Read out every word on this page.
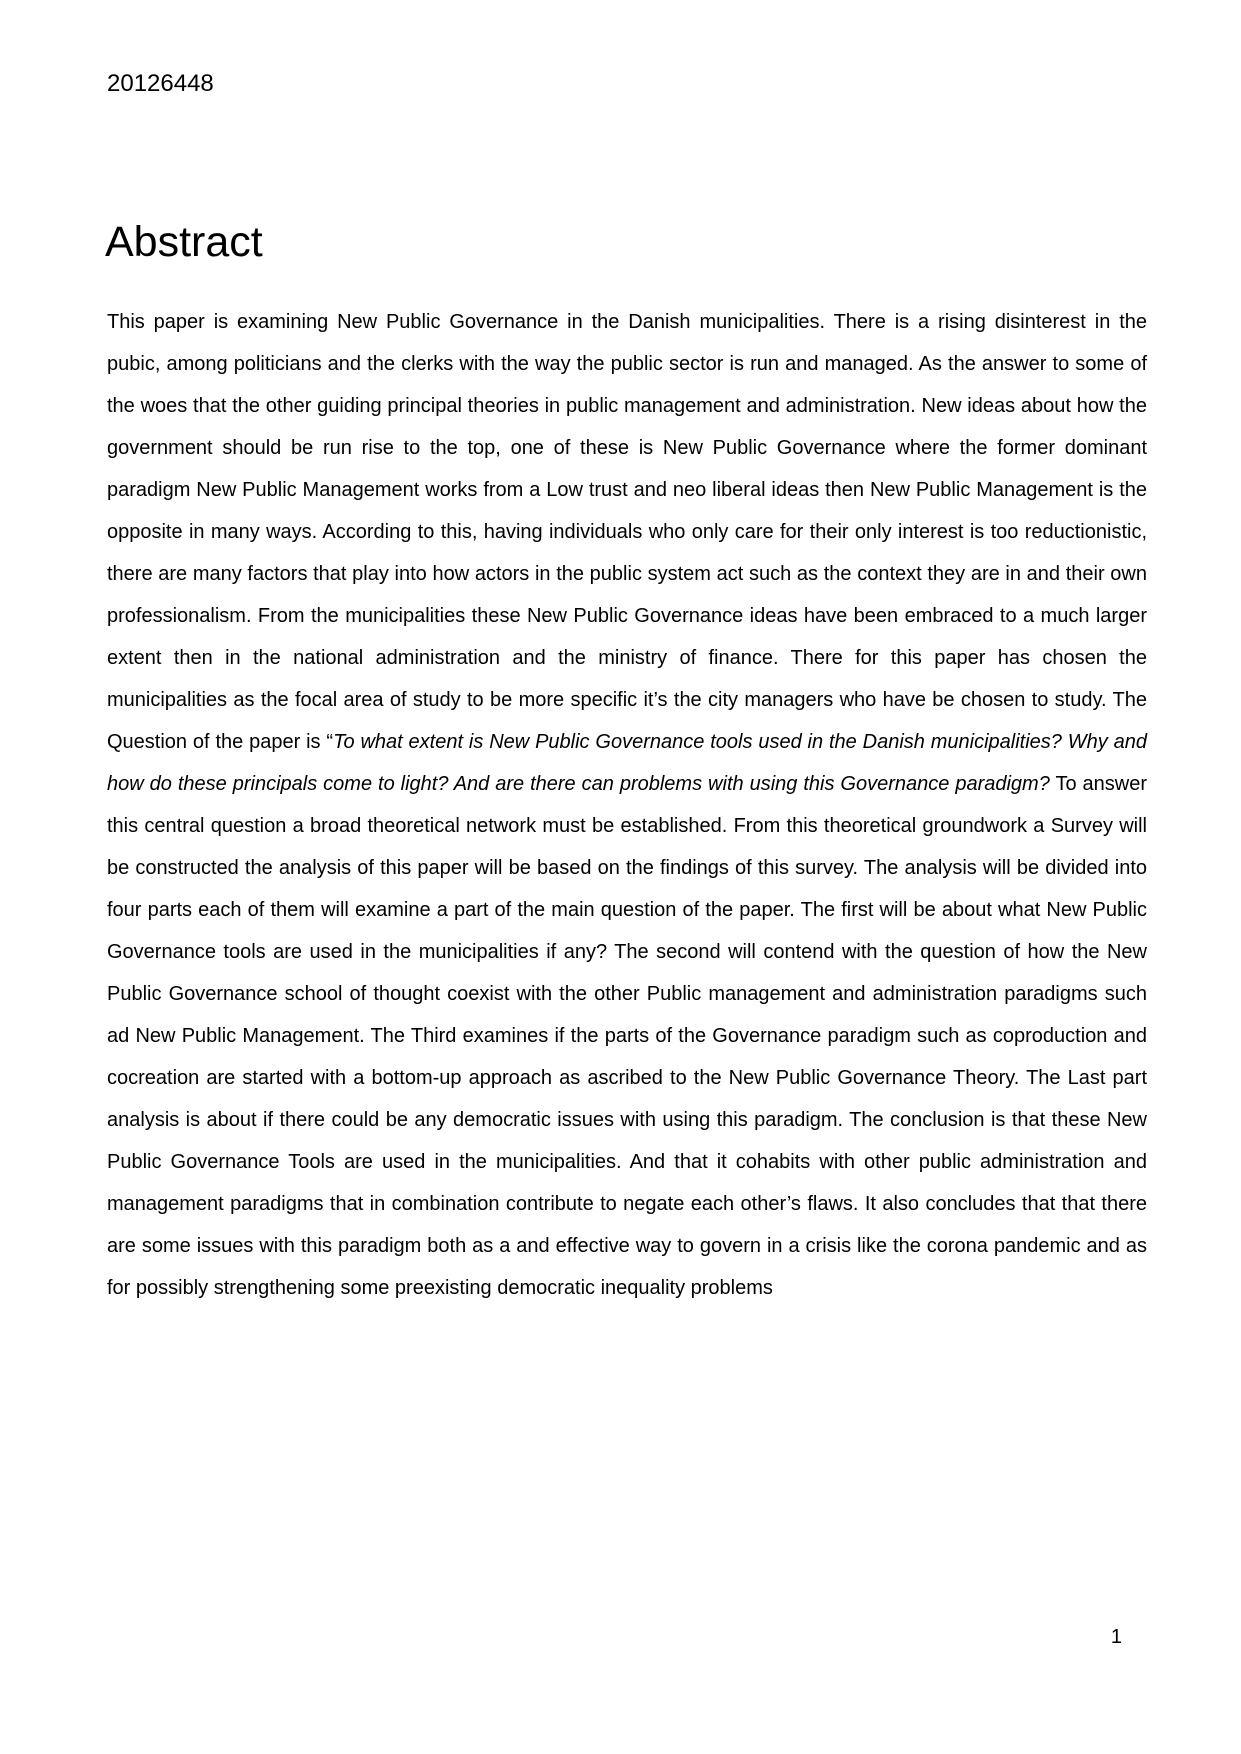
20126448
Abstract

This paper is examining New Public Governance in the Danish municipalities. There is a rising disinterest in the pubic, among politicians and the clerks with the way the public sector is run and managed. As the answer to some of the woes that the other guiding principal theories in public management and administration. New ideas about how the government should be run rise to the top, one of these is New Public Governance where the former dominant paradigm New Public Management works from a Low trust and neo liberal ideas then New Public Management is the opposite in many ways. According to this, having individuals who only care for their only interest is too reductionistic, there are many factors that play into how actors in the public system act such as the context they are in and their own professionalism. From the municipalities these New Public Governance ideas have been embraced to a much larger extent then in the national administration and the ministry of finance. There for this paper has chosen the municipalities as the focal area of study to be more specific it’s the city managers who have be chosen to study. The Question of the paper is “To what extent is New Public Governance tools used in the Danish municipalities? Why and how do these principals come to light? And are there can problems with using this Governance paradigm? To answer this central question a broad theoretical network must be established. From this theoretical groundwork a Survey will be constructed the analysis of this paper will be based on the findings of this survey. The analysis will be divided into four parts each of them will examine a part of the main question of the paper. The first will be about what New Public Governance tools are used in the municipalities if any? The second will contend with the question of how the New Public Governance school of thought coexist with the other Public management and administration paradigms such ad New Public Management. The Third examines if the parts of the Governance paradigm such as coproduction and cocreation are started with a bottom-up approach as ascribed to the New Public Governance Theory. The Last part analysis is about if there could be any democratic issues with using this paradigm. The conclusion is that these New Public Governance Tools are used in the municipalities. And that it cohabits with other public administration and management paradigms that in combination contribute to negate each other’s flaws. It also concludes that that there are some issues with this paradigm both as a and effective way to govern in a crisis like the corona pandemic and as for possibly strengthening some preexisting democratic inequality problems

1
